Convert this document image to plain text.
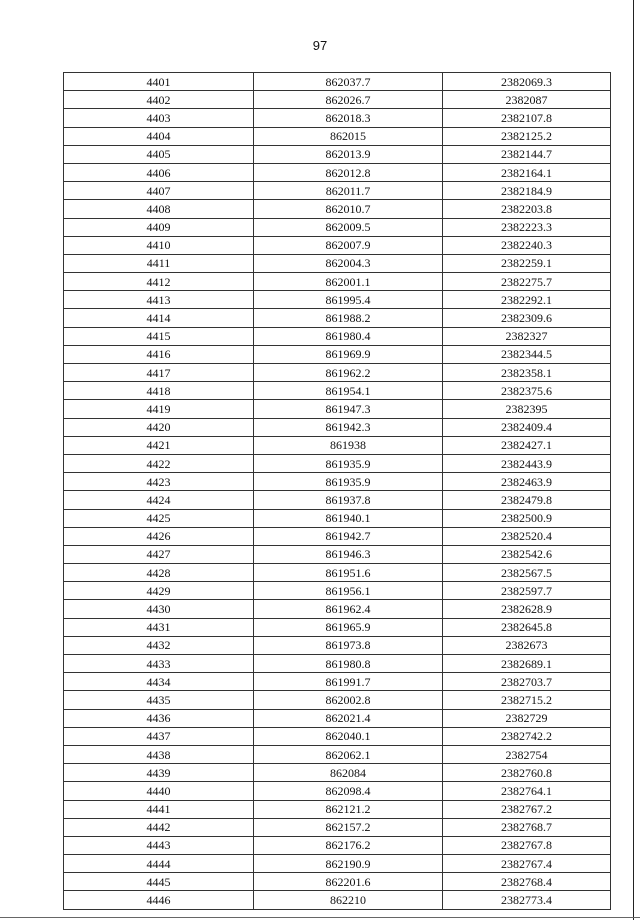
97
4401	862037.7	2382069.3
4402	862026.7	2382087
4403	862018.3	2382107.8
4404	862015	2382125.2
4405	862013.9	2382144.7
4406	862012.8	2382164.1
4407	862011.7	2382184.9
4408	862010.7	2382203.8
4409	862009.5	2382223.3
4410	862007.9	2382240.3
4411	862004.3	2382259.1
4412	862001.1	2382275.7
4413	861995.4	2382292.1
4414	861988.2	2382309.6
4415	861980.4	2382327
4416	861969.9	2382344.5
4417	861962.2	2382358.1
4418	861954.1	2382375.6
4419	861947.3	2382395
4420	861942.3	2382409.4
4421	861938	2382427.1
4422	861935.9	2382443.9
4423	861935.9	2382463.9
4424	861937.8	2382479.8
4425	861940.1	2382500.9
4426	861942.7	2382520.4
4427	861946.3	2382542.6
4428	861951.6	2382567.5
4429	861956.1	2382597.7
4430	861962.4	2382628.9
4431	861965.9	2382645.8
4432	861973.8	2382673
4433	861980.8	2382689.1
4434	861991.7	2382703.7
4435	862002.8	2382715.2
4436	862021.4	2382729
4437	862040.1	2382742.2
4438	862062.1	2382754
4439	862084	2382760.8
4440	862098.4	2382764.1
4441	862121.2	2382767.2
4442	862157.2	2382768.7
4443	862176.2	2382767.8
4444	862190.9	2382767.4
4445	862201.6	2382768.4
4446	862210	2382773.4
